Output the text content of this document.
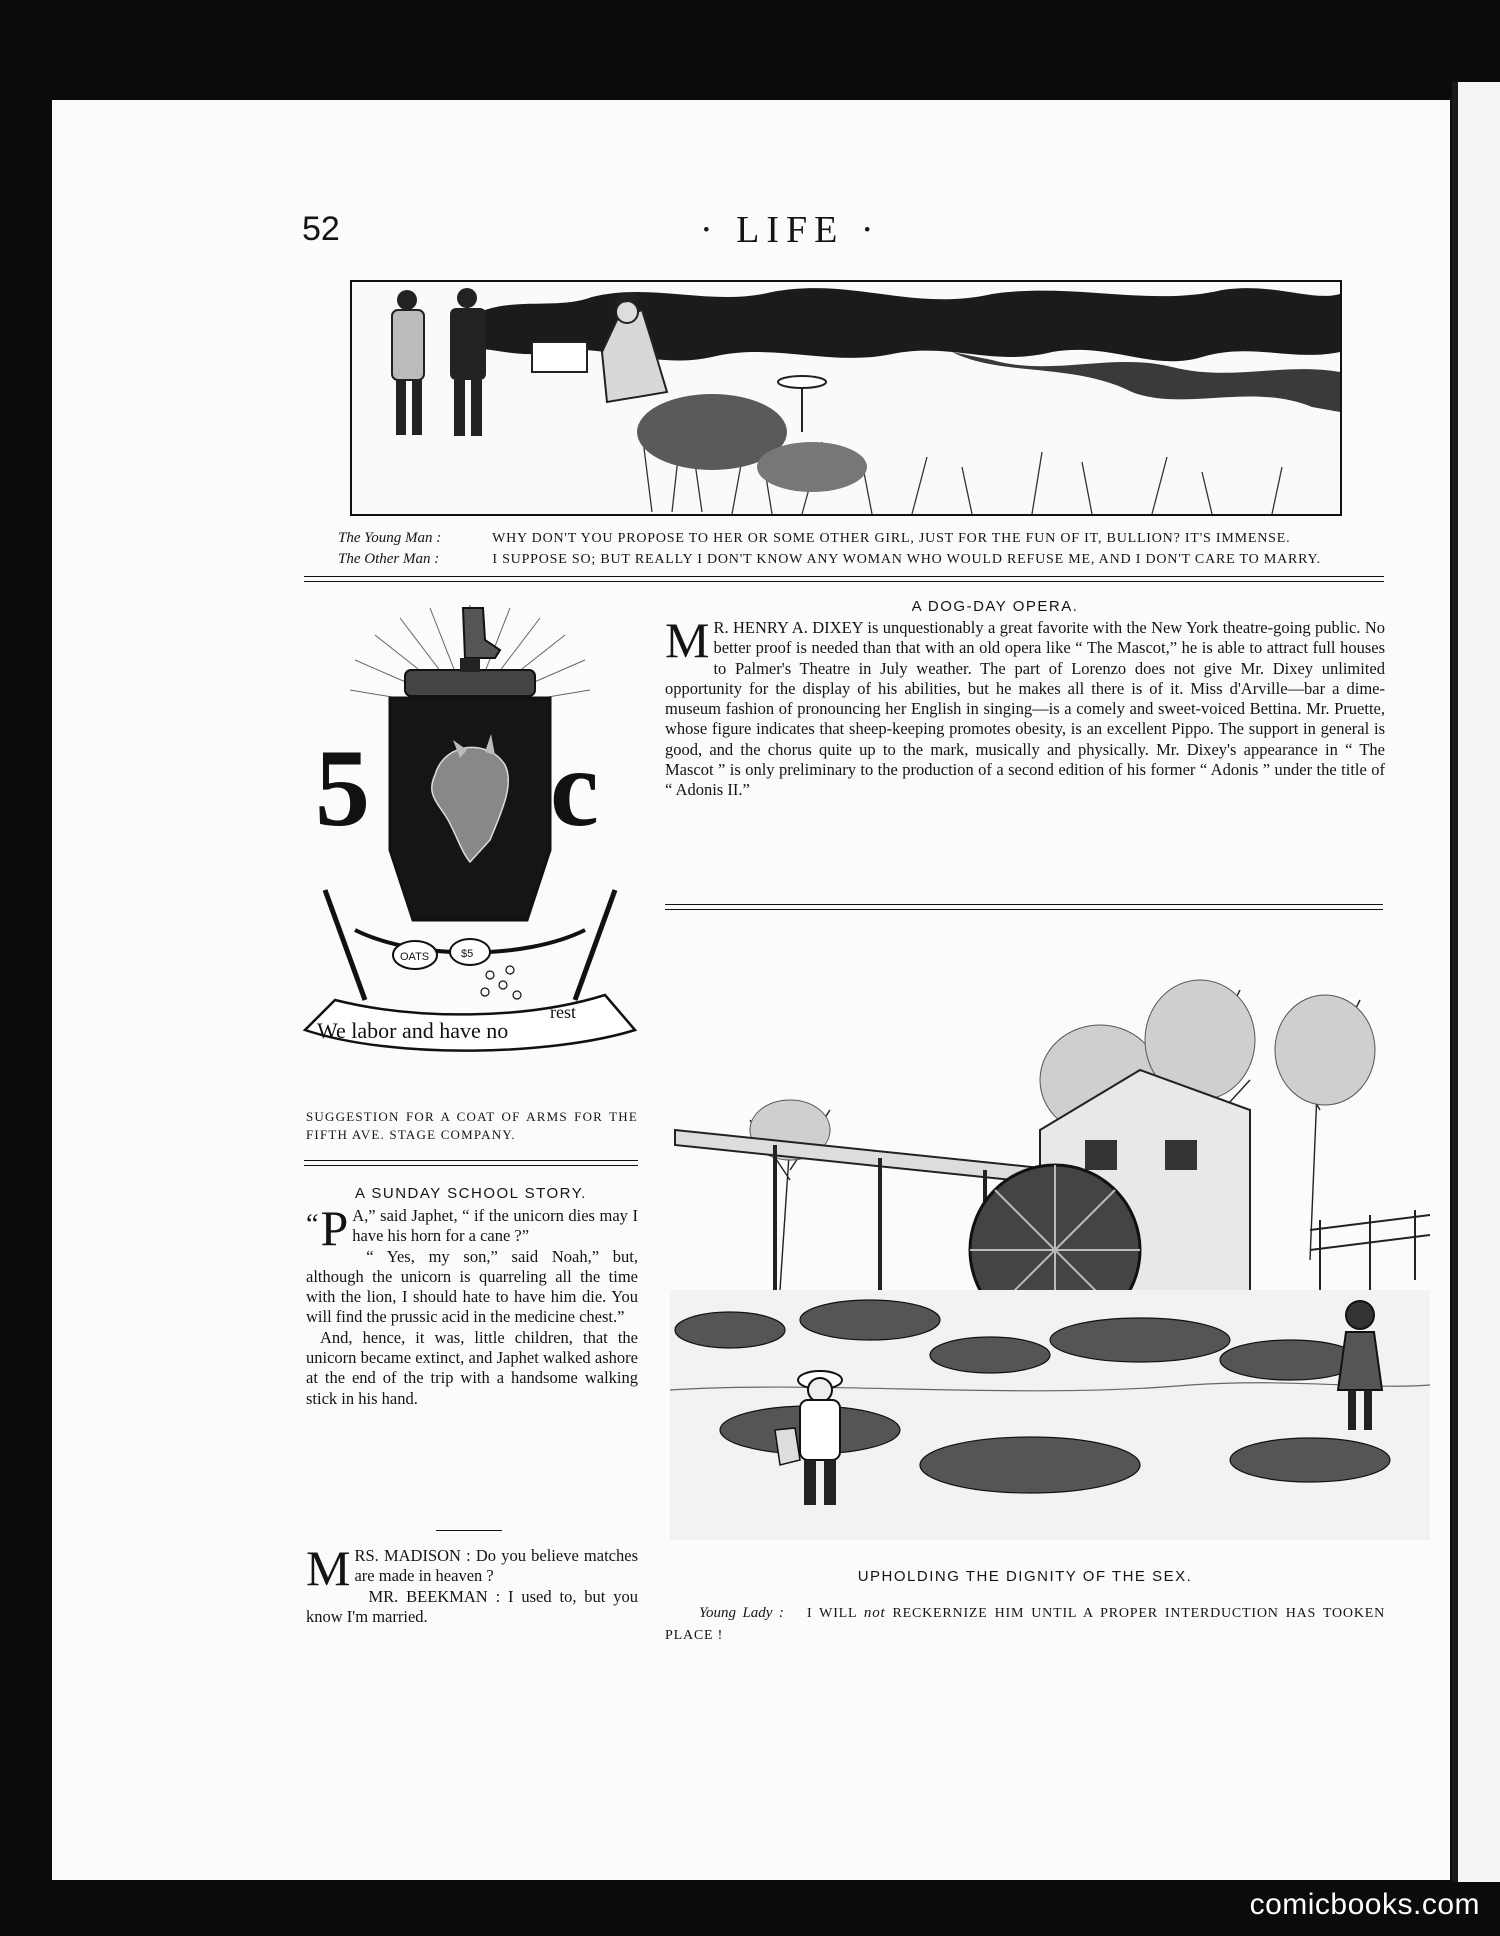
52	· LIFE ·
The Young Man :	WHY DON'T YOU PROPOSE TO HER OR SOME OTHER GIRL, JUST FOR THE FUN OF IT, BULLION? IT'S IMMENSE.
The Other Man :	I SUPPOSE SO; BUT REALLY I DON'T KNOW ANY WOMAN WHO WOULD REFUSE ME, AND I DON'T CARE TO MARRY.
5 c
OATS	$5
We labor and have no
rest
SUGGESTION FOR A COAT OF ARMS FOR THE FIFTH AVE. STAGE COMPANY.
A DOG-DAY OPERA.
M R. HENRY A. DIXEY is unquestionably a great favorite with the New York theatre-going public. No better proof is needed than that with an old opera like “ The Mascot,” he is able to attract full houses to Palmer's Theatre in July weather. The part of Lorenzo does not give Mr. Dixey unlimited opportunity for the display of his abilities, but he makes all there is of it. Miss d'Arville—bar a dime-museum fashion of pronouncing her English in singing—is a comely and sweet-voiced Bettina. Mr. Pruette, whose figure indicates that sheep-keeping promotes obesity, is an excellent Pippo. The support in general is good, and the chorus quite up to the mark, musically and physically. Mr. Dixey's appearance in “ The Mascot ” is only preliminary to the production of a second edition of his former “ Adonis ” under the title of “ Adonis II.”

A SUNDAY SCHOOL STORY.

“ P A,” said Japhet, “ if the unicorn dies may I have his horn for a cane ?”

“ Yes, my son,” said Noah,” but, although the unicorn is quarreling all the time with the lion, I should hate to have him die. You will find the prussic acid in the medicine chest.”

And, hence, it was, little children, that the unicorn became extinct, and Japhet walked ashore at the end of the trip with a handsome walking stick in his hand.

M RS. MADISON : Do you believe matches are made in heaven ?

MR. BEEKMAN : I used to, but you know I'm married.

UPHOLDING THE DIGNITY OF THE SEX.
Young Lady : I WILL not RECKERNIZE HIM UNTIL A PROPER INTERDUCTION HAS TOOKEN PLACE !
comicbooks.com
